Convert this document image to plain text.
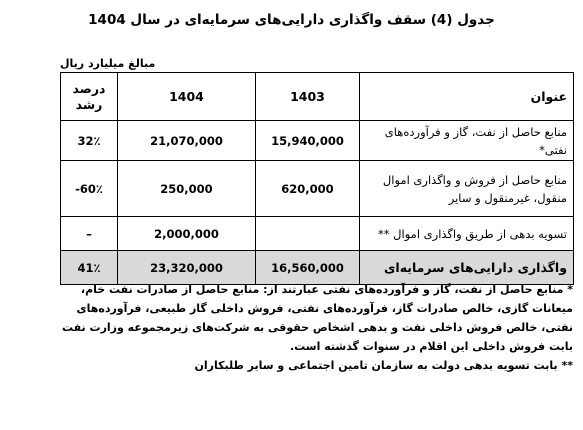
جدول (4) سقف واگذاری دارایی‌های سرمایه‌ای در سال 1404
مبالغ میلیارد ریال
عنوان	1403	1404	درصد
رشد

منابع حاصل از نفت، گاز و فرآورده‌های نفتی*	15,940,000	21,070,000	32٪
منابع حاصل از فروش و واگذاری اموال منقول، غیرمنقول و سایر	620,000	250,000	-60٪
تسویه بدهی از طریق واگذاری اموال **		2,000,000	–
واگذاری دارایی‌های سرمایه‌ای	16,560,000	23,320,000	41٪

* منابع حاصل از نفت، گاز و فرآورده‌های نفتی عبارتند از: منابع حاصل از صادرات نفت خام، میعانات گازی، خالص صادرات گاز، فرآورده‌های نفتی، فروش داخلی گاز طبیعی، فرآورده‌های نفتی، خالص فروش داخلی نفت و بدهی اشخاص حقوقی به شرکت‌های زیرمجموعه وزارت نفت بابت فروش داخلی این اقلام در سنوات گذشته است.

** بابت تسویه بدهی دولت به سازمان تامین اجتماعی و سایر طلبکاران
